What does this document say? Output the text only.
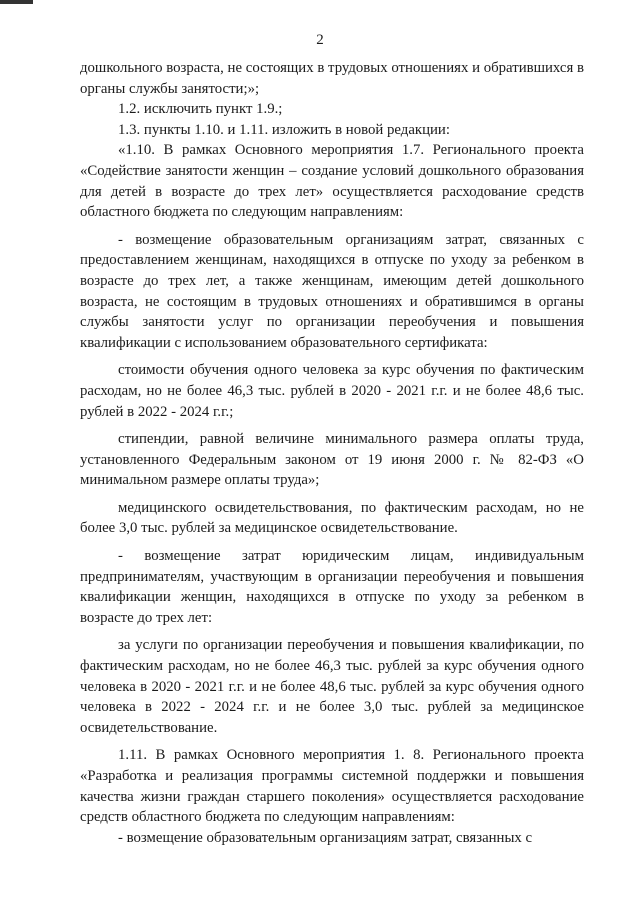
2

дошкольного возраста, не состоящих в трудовых отношениях и обратившихся в органы службы занятости;»;

1.2. исключить пункт 1.9.;

1.3. пункты 1.10. и 1.11. изложить в новой редакции:

«1.10. В рамках Основного мероприятия 1.7. Регионального проекта «Содействие занятости женщин – создание условий дошкольного образования для детей в возрасте до трех лет» осуществляется расходование средств областного бюджета по следующим направлениям:

- возмещение образовательным организациям затрат, связанных с предоставлением женщинам, находящихся в отпуске по уходу за ребенком в возрасте до трех лет, а также женщинам, имеющим детей дошкольного возраста, не состоящим в трудовых отношениях и обратившимся в органы службы занятости услуг по организации переобучения и повышения квалификации с использованием образовательного сертификата:

стоимости обучения одного человека за курс обучения по фактическим расходам, но не более 46,3 тыс. рублей в 2020 - 2021 г.г. и не более 48,6 тыс. рублей в 2022 - 2024 г.г.;

стипендии, равной величине минимального размера оплаты труда, установленного Федеральным законом от 19 июня 2000 г. № 82-ФЗ «О минимальном размере оплаты труда»;

медицинского освидетельствования, по фактическим расходам, но не более 3,0 тыс. рублей за медицинское освидетельствование.

- возмещение затрат юридическим лицам, индивидуальным предпринимателям, участвующим в организации переобучения и повышения квалификации женщин, находящихся в отпуске по уходу за ребенком в возрасте до трех лет:

за услуги по организации переобучения и повышения квалификации, по фактическим расходам, но не более 46,3 тыс. рублей за курс обучения одного человека в 2020 - 2021 г.г. и не более 48,6 тыс. рублей за курс обучения одного человека в 2022 - 2024 г.г. и не более 3,0 тыс. рублей за медицинское освидетельствование.

1.11. В рамках Основного мероприятия 1. 8. Регионального проекта «Разработка и реализация программы системной поддержки и повышения качества жизни граждан старшего поколения» осуществляется расходование средств областного бюджета по следующим направлениям:

- возмещение образовательным организациям затрат, связанных с
